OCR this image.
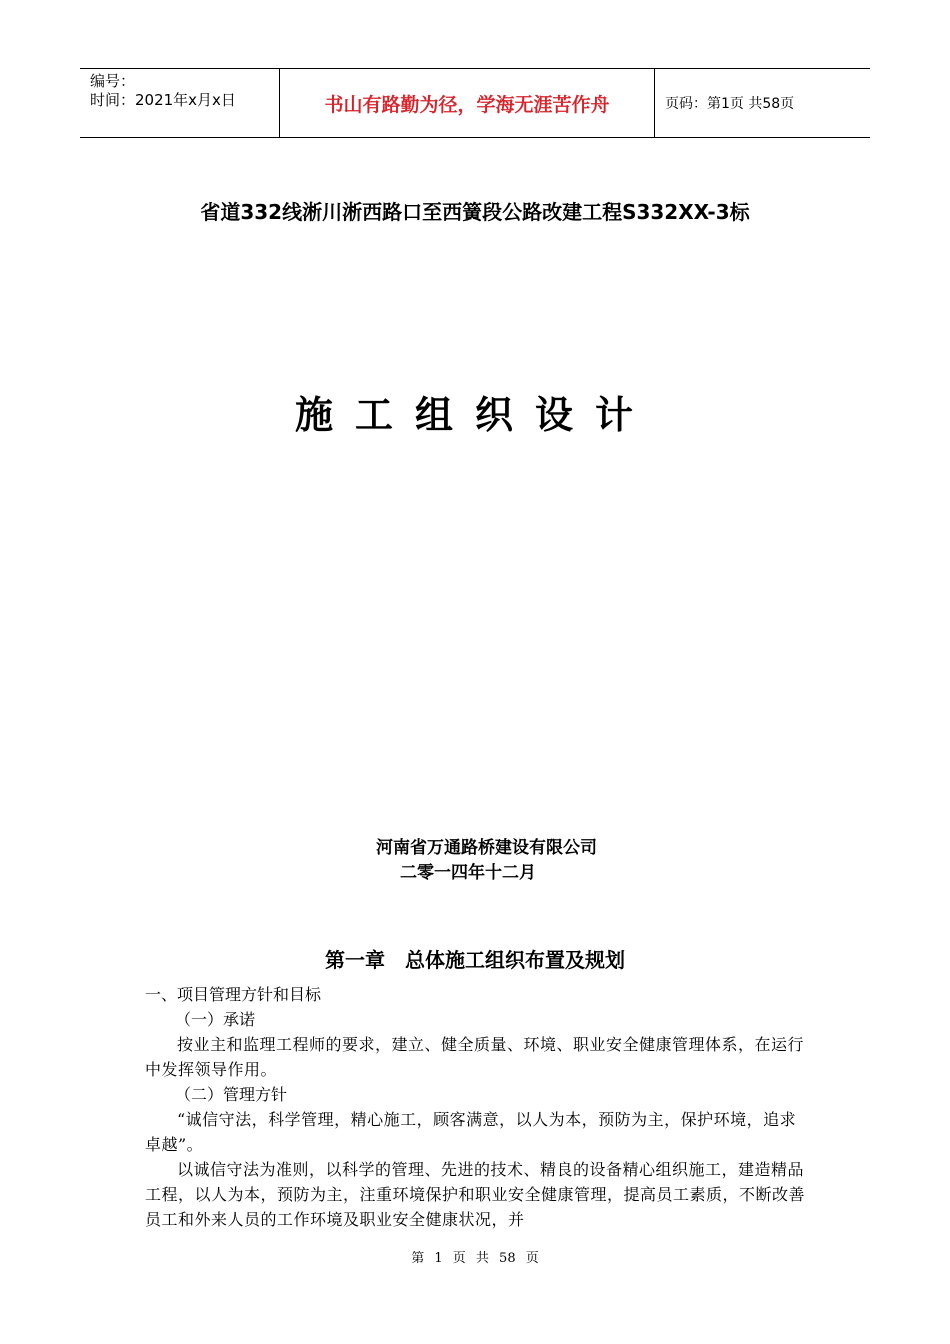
编号：
时间：2021年x月x日	书山有路勤为径，学海无涯苦作舟	页码：第1页 共58页
省道332线淅川淅西路口至西簧段公路改建工程S332XX-3标
施工组织设计
河南省万通路桥建设有限公司
二零一四年十二月
第一章　总体施工组织布置及规划

一、项目管理方针和目标

（一）承诺

按业主和监理工程师的要求，建立、健全质量、环境、职业安全健康管理体系，在运行中发挥领导作用。

（二）管理方针

“诚信守法，科学管理，精心施工，顾客满意，以人为本，预防为主，保护环境，追求卓越”。

以诚信守法为准则，以科学的管理、先进的技术、精良的设备精心组织施工，建造精品工程，以人为本，预防为主，注重环境保护和职业安全健康管理，提高员工素质，不断改善员工和外来人员的工作环境及职业安全健康状况，并

第 1 页 共 58 页
